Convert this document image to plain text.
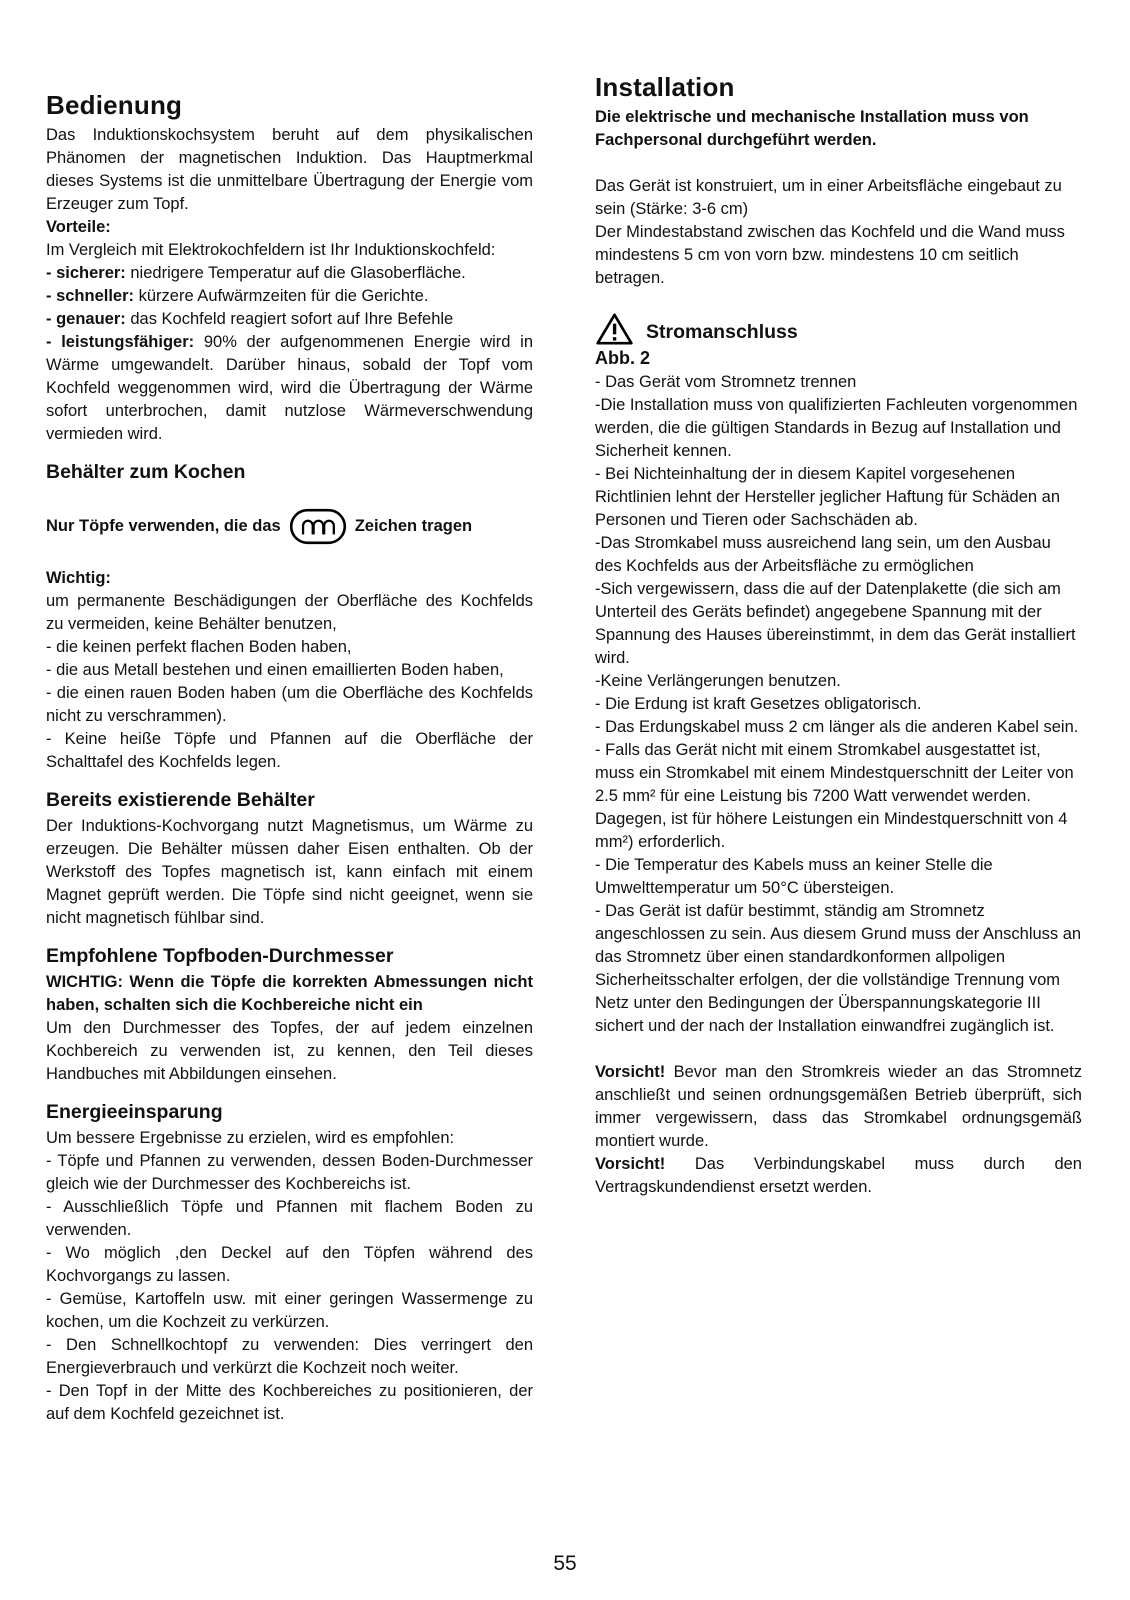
Bedienung

Das Induktionskochsystem beruht auf dem physikalischen Phänomen der magnetischen Induktion. Das Hauptmerkmal dieses Systems ist die unmittelbare Übertragung der Energie vom Erzeuger zum Topf.

Vorteile:

Im Vergleich mit Elektrokochfeldern ist Ihr Induktionskochfeld:

- sicherer: niedrigere Temperatur auf die Glasoberfläche.

- schneller: kürzere Aufwärmzeiten für die Gerichte.

- genauer: das Kochfeld reagiert sofort auf Ihre Befehle

- leistungsfähiger: 90% der aufgenommenen Energie wird in Wärme umgewandelt. Darüber hinaus, sobald der Topf vom Kochfeld weggenommen wird, wird die Übertragung der Wärme sofort unterbrochen, damit nutzlose Wärmeverschwendung vermieden wird.

Behälter zum Kochen
Nur Töpfe verwenden, die das	Zeichen tragen

Wichtig:

um permanente Beschädigungen der Oberfläche des Kochfelds zu vermeiden, keine Behälter benutzen,

- die keinen perfekt flachen Boden haben,

- die aus Metall bestehen und einen emaillierten Boden haben,

- die einen rauen Boden haben (um die Oberfläche des Kochfelds nicht zu verschrammen).

- Keine heiße Töpfe und Pfannen auf die Oberfläche der Schalttafel des Kochfelds legen.

Bereits existierende Behälter

Der Induktions-Kochvorgang nutzt Magnetismus, um Wärme zu erzeugen. Die Behälter müssen daher Eisen enthalten. Ob der Werkstoff des Topfes magnetisch ist, kann einfach mit einem Magnet geprüft werden. Die Töpfe sind nicht geeignet, wenn sie nicht magnetisch fühlbar sind.

Empfohlene Topfboden-Durchmesser

WICHTIG: Wenn die Töpfe die korrekten Abmessungen nicht haben, schalten sich die Kochbereiche nicht ein

Um den Durchmesser des Topfes, der auf jedem einzelnen Kochbereich zu verwenden ist, zu kennen, den Teil dieses Handbuches mit Abbildungen einsehen.

Energieeinsparung

Um bessere Ergebnisse zu erzielen, wird es empfohlen:

- Töpfe und Pfannen zu verwenden, dessen Boden-Durchmesser gleich wie der Durchmesser des Kochbereichs ist.

- Ausschließlich Töpfe und Pfannen mit flachem Boden zu verwenden.

- Wo möglich ,den Deckel auf den Töpfen während des Kochvorgangs zu lassen.

- Gemüse, Kartoffeln usw. mit einer geringen Wassermenge zu kochen, um die Kochzeit zu verkürzen.

- Den Schnellkochtopf zu verwenden: Dies verringert den Energieverbrauch und verkürzt die Kochzeit noch weiter.

- Den Topf in der Mitte des Kochbereiches zu positionieren, der auf dem Kochfeld gezeichnet ist.

Installation

Die elektrische und mechanische Installation muss von Fachpersonal durchgeführt werden.

Das Gerät ist konstruiert, um in einer Arbeitsfläche eingebaut zu sein (Stärke: 3-6 cm)

Der Mindestabstand zwischen das Kochfeld und die Wand muss mindestens 5 cm von vorn bzw. mindestens 10 cm seitlich betragen.

Stromanschluss

Abb. 2

- Das Gerät vom Stromnetz trennen

-Die Installation muss von qualifizierten Fachleuten vorgenommen werden, die die gültigen Standards in Bezug auf Installation und Sicherheit kennen.

- Bei Nichteinhaltung der in diesem Kapitel vorgesehenen Richtlinien lehnt der Hersteller jeglicher Haftung für Schäden an Personen und Tieren oder Sachschäden ab.

-Das Stromkabel muss ausreichend lang sein, um den Ausbau des Kochfelds aus der Arbeitsfläche zu ermöglichen

-Sich vergewissern, dass die auf der Datenplakette (die sich am Unterteil des Geräts befindet) angegebene Spannung mit der Spannung des Hauses übereinstimmt, in dem das Gerät installiert wird.

-Keine Verlängerungen benutzen.

- Die Erdung ist kraft Gesetzes obligatorisch.

- Das Erdungskabel muss 2 cm länger als die anderen Kabel sein.

- Falls das Gerät nicht mit einem Stromkabel ausgestattet ist, muss ein Stromkabel mit einem Mindestquerschnitt der Leiter von 2.5 mm² für eine Leistung bis 7200 Watt verwendet werden. Dagegen, ist für höhere Leistungen ein Mindestquerschnitt von 4 mm²) erforderlich.

- Die Temperatur des Kabels muss an keiner Stelle die Umwelttemperatur um 50°C übersteigen.

- Das Gerät ist dafür bestimmt, ständig am Stromnetz angeschlossen zu sein. Aus diesem Grund muss der Anschluss an das Stromnetz über einen standardkonformen allpoligen Sicherheitsschalter erfolgen, der die vollständige Trennung vom Netz unter den Bedingungen der Überspannungskategorie III sichert und der nach der Installation einwandfrei zugänglich ist.

Vorsicht! Bevor man den Stromkreis wieder an das Stromnetz anschließt und seinen ordnungsgemäßen Betrieb überprüft, sich immer vergewissern, dass das Stromkabel ordnungsgemäß montiert wurde.

Vorsicht! Das Verbindungskabel muss durch den Vertragskundendienst ersetzt werden.

55
